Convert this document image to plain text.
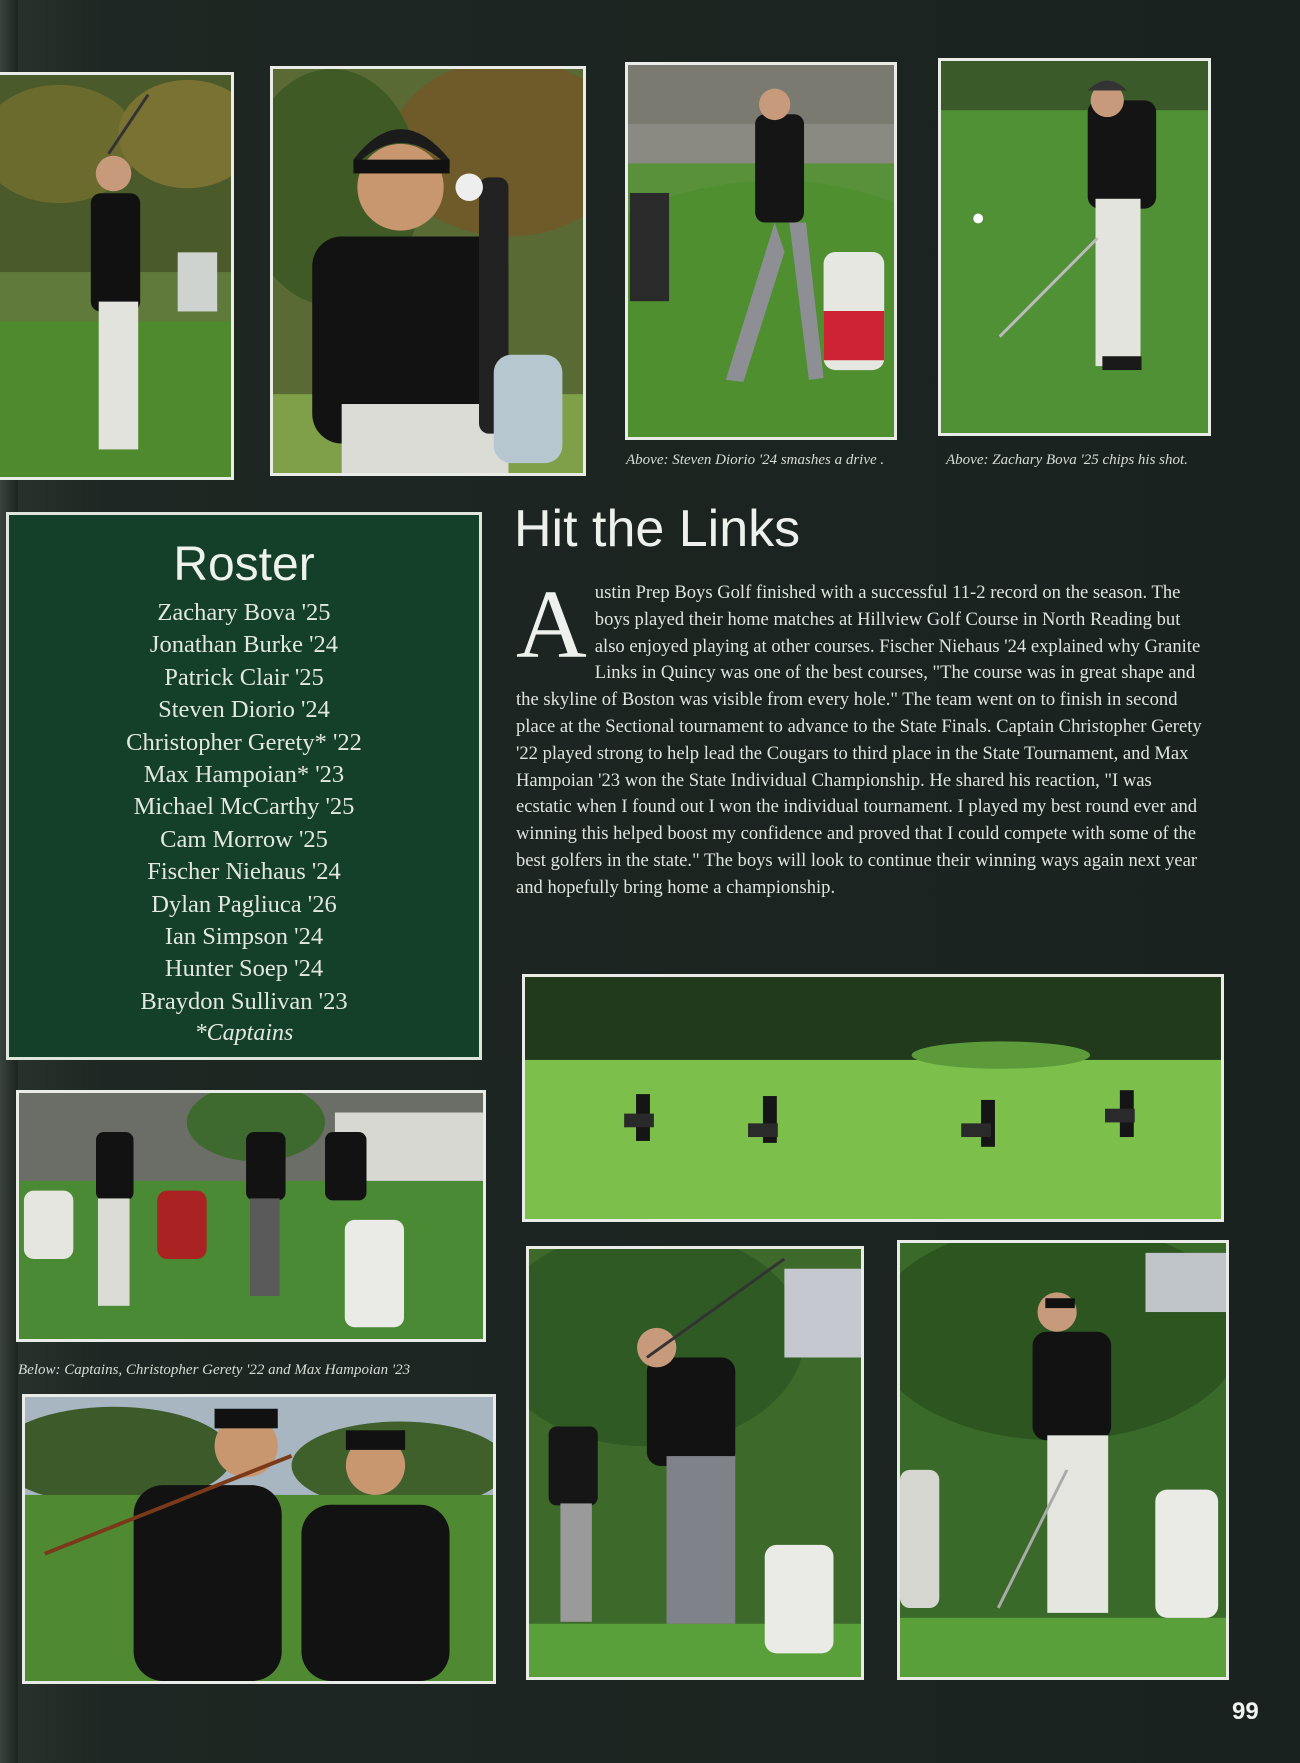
Above: Steven Diorio '24 smashes a drive .	Above: Zachary Bova '25 chips his shot.
Roster
Zachary Bova '25
Jonathan Burke '24
Patrick Clair '25
Steven Diorio '24
Christopher Gerety* '22
Max Hampoian* '23
Michael McCarthy '25
Cam Morrow '25
Fischer Niehaus '24
Dylan Pagliuca '26
Ian Simpson '24
Hunter Soep '24
Braydon Sullivan '23
*Captains
Hit the Links
Austin Prep Boys Golf finished with a successful 11-2 record on the season. The boys played their home matches at Hillview Golf Course in North Reading but also enjoyed playing at other courses. Fischer Niehaus '24 explained why Granite Links in Quincy was one of the best courses, "The course was in great shape and the skyline of Boston was visible from every hole." The team went on to finish in second place at the Sectional tournament to advance to the State Finals. Captain Christopher Gerety '22 played strong to help lead the Cougars to third place in the State Tournament, and Max Hampoian '23 won the State Individual Championship. He shared his reaction, "I was ecstatic when I found out I won the individual tournament. I played my best round ever and winning this helped boost my confidence and proved that I could compete with some of the best golfers in the state." The boys will look to continue their winning ways again next year and hopefully bring home a championship.
Below: Captains, Christopher Gerety '22 and Max Hampoian '23
99
